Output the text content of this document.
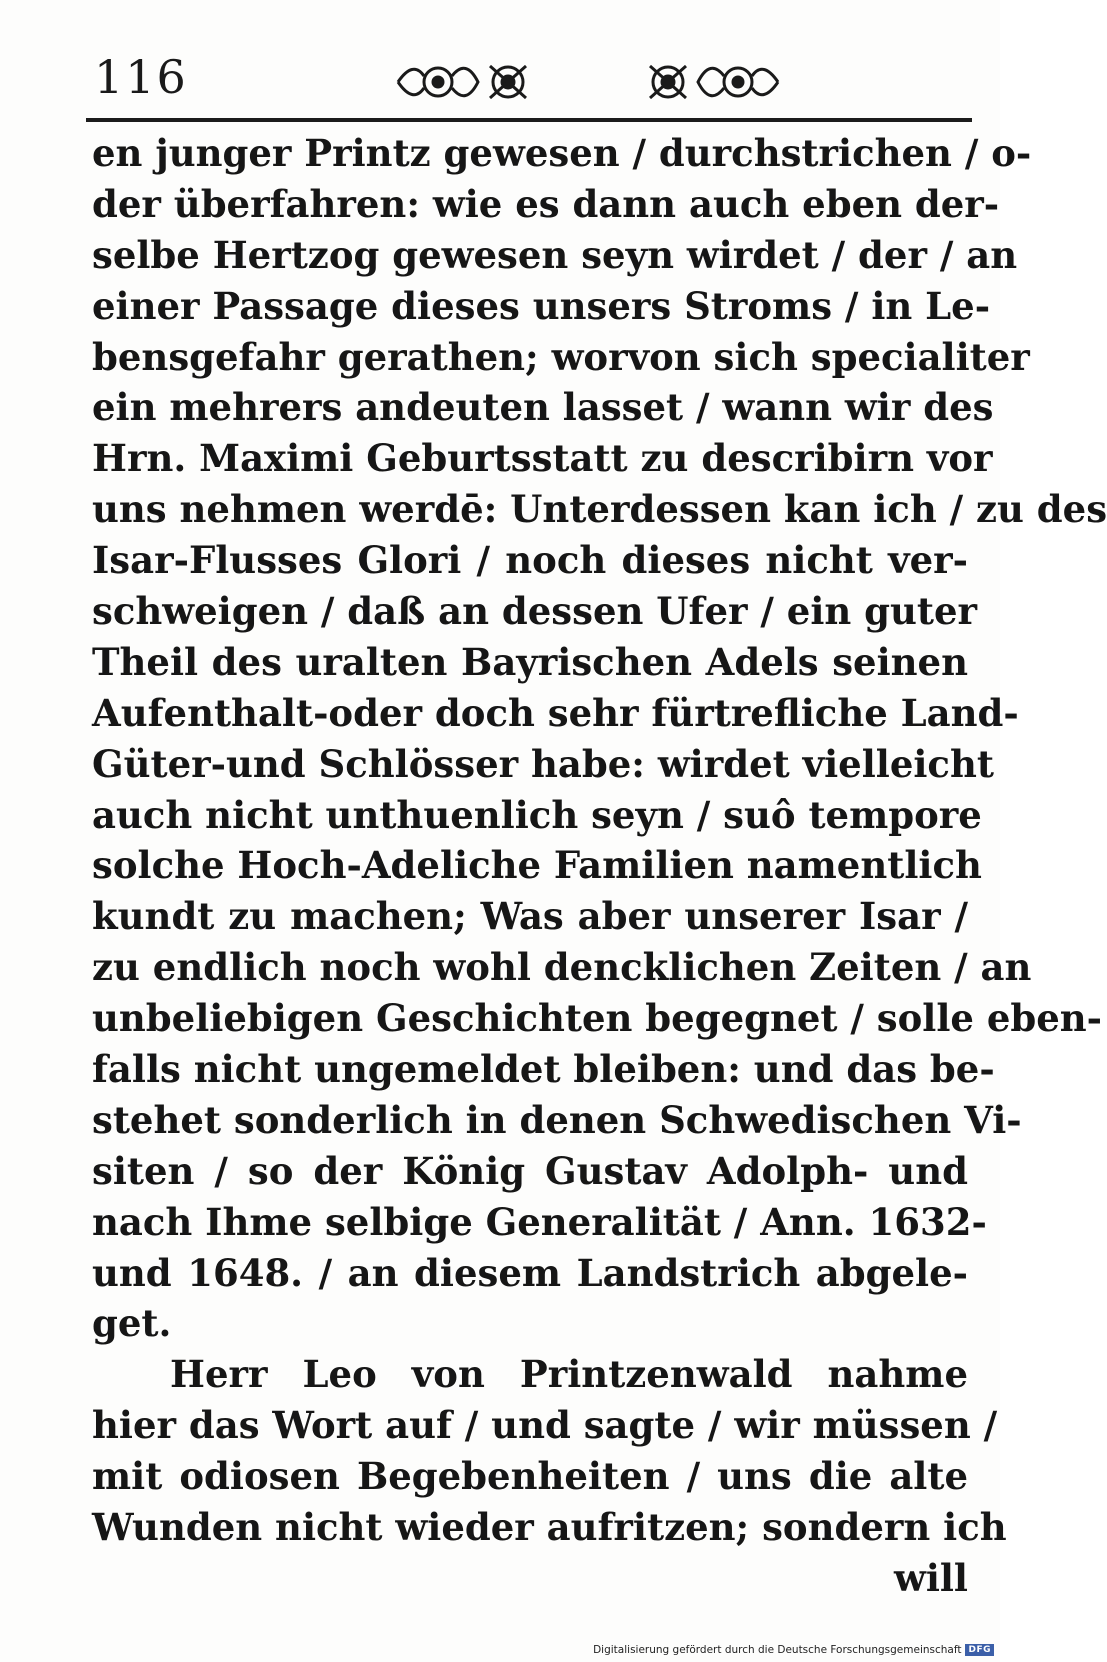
116
en junger Printz gewesen / durchstrichen / o-
der überfahren: wie es dann auch eben der-
selbe Hertzog gewesen seyn wirdet / der / an
einer Passage dieses unsers Stroms / in Le-
bensgefahr gerathen; worvon sich specialiter
ein mehrers andeuten lasset / wann wir des
Hrn. Maximi Geburtsstatt zu describirn vor
uns nehmen werdē: Unterdessen kan ich / zu des
Isar-Flusses Glori / noch dieses nicht ver-
schweigen / daß an dessen Ufer / ein guter
Theil des uralten Bayrischen Adels seinen
Aufenthalt-oder doch sehr fürtrefliche Land-
Güter-und Schlösser habe: wirdet vielleicht
auch nicht unthuenlich seyn / suô tempore
solche Hoch-Adeliche Familien namentlich
kundt zu machen; Was aber unserer Isar /
zu endlich noch wohl dencklichen Zeiten / an
unbeliebigen Geschichten begegnet / solle eben-
falls nicht ungemeldet bleiben: und das be-
stehet sonderlich in denen Schwedischen Vi-
siten / so der König Gustav Adolph- und
nach Ihme selbige Generalität / Ann. 1632-
und 1648. / an diesem Landstrich abgele-
get.
Herr Leo von Printzenwald nahme
hier das Wort auf / und sagte / wir müssen /
mit odiosen Begebenheiten / uns die alte
Wunden nicht wieder aufritzen; sondern ich
will
Digitalisierung gefördert durch die Deutsche Forschungsgemeinschaft DFG
